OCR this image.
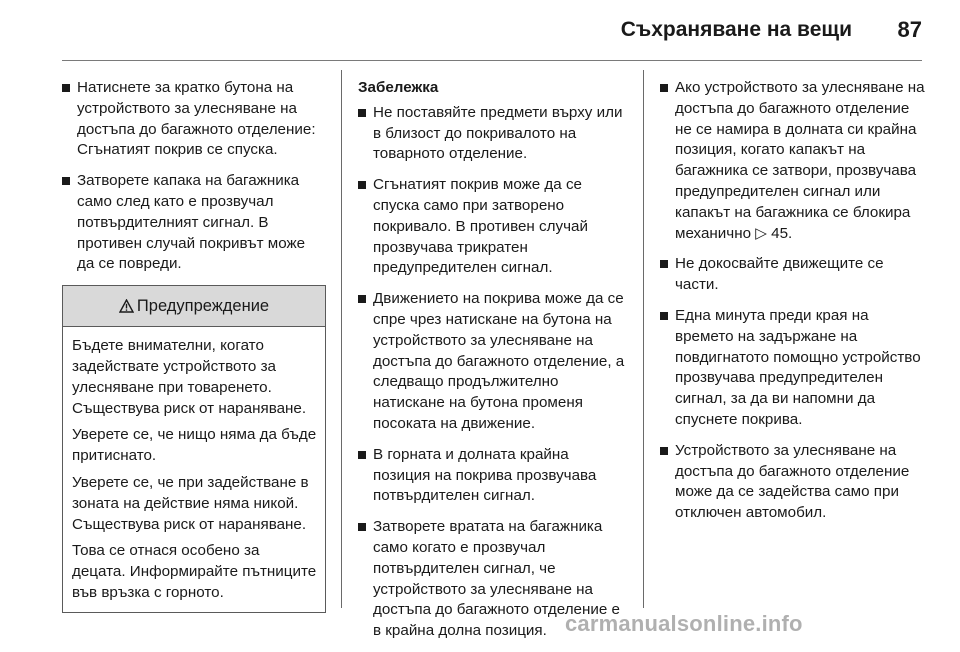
Съхраняване на вещи 87
Натиснете за кратко бутона на устройството за улесняване на достъпа до багажното отделение: Сгънатият покрив се спуска.
Затворете капака на багажника само след като е прозвучал потвърдителният сигнал. В противен случай покривът може да се повреди.
Предупреждение

Бъдете внимателни, когато задействате устройството за улесняване при товаренето. Съществува риск от нараняване.

Уверете се, че нищо няма да бъде притиснато.

Уверете се, че при задействане в зоната на действие няма никой. Съществува риск от нараняване.

Това се отнася особено за децата. Информирайте пътниците във връзка с горното.

Забележка
Не поставяйте предмети върху или в близост до покривалото на товарното отделение.
Сгънатият покрив може да се спуска само при затворено покривало. В противен случай прозвучава трикратен предупредителен сигнал.
Движението на покрива може да се спре чрез натискане на бутона на устройството за улесняване на достъпа до багажното отделение, а следващо продължително натискане на бутона променя посоката на движение.
В горната и долната крайна позиция на покрива прозвучава потвърдителен сигнал.
Затворете вратата на багажника само когато е прозвучал потвърдителен сигнал, че устройството за улесняване на достъпа до багажното отделение е в крайна долна позиция.
Ако устройството за улесняване на достъпа до багажното отделение не се намира в долната си крайна позиция, когато капакът на багажника се затвори, прозвучава предупредителен сигнал или капакът на багажника се блокира механично ▷ 45.
Не докосвайте движещите се части.
Една минута преди края на времето на задържане на повдигнатото помощно устройство прозвучава предупредителен сигнал, за да ви напомни да спуснете покрива.
Устройството за улесняване на достъпа до багажното отделение може да се задейства само при отключен автомобил.
carmanualsonline.info
